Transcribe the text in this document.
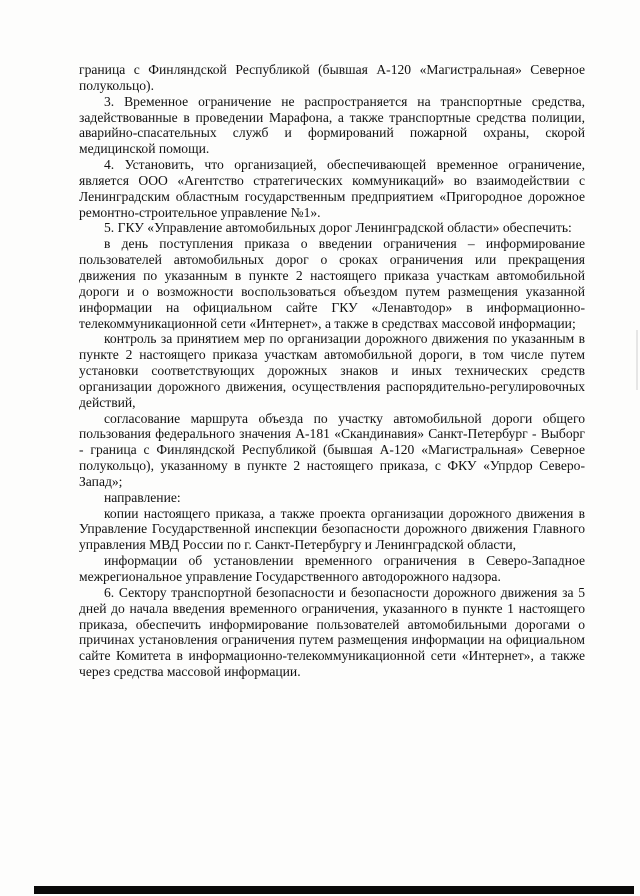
граница с Финляндской Республикой (бывшая А-120 «Магистральная» Северное полукольцо).

3. Временное ограничение не распространяется на транспортные средства, задействованные в проведении Марафона, а также транспортные средства полиции, аварийно-спасательных служб и формирований пожарной охраны, скорой медицинской помощи.

4. Установить, что организацией, обеспечивающей временное ограничение, является ООО «Агентство стратегических коммуникаций» во взаимодействии с Ленинградским областным государственным предприятием «Пригородное дорожное ремонтно-строительное управление №1».

5. ГКУ «Управление автомобильных дорог Ленинградской области» обеспечить:

в день поступления приказа о введении ограничения – информирование пользователей автомобильных дорог о сроках ограничения или прекращения движения по указанным в пункте 2 настоящего приказа участкам автомобильной дороги и о возможности воспользоваться объездом путем размещения указанной информации на официальном сайте ГКУ «Ленавтодор» в информационно-телекоммуникационной сети «Интернет», а также в средствах массовой информации;

контроль за принятием мер по организации дорожного движения по указанным в пункте 2 настоящего приказа участкам автомобильной дороги, в том числе путем установки соответствующих дорожных знаков и иных технических средств организации дорожного движения, осуществления распорядительно-регулировочных действий,

согласование маршрута объезда по участку автомобильной дороги общего пользования федерального значения А-181 «Скандинавия» Санкт-Петербург - Выборг - граница с Финляндской Республикой (бывшая А-120 «Магистральная» Северное полукольцо), указанному в пункте 2 настоящего приказа, с ФКУ «Упрдор Северо-Запад»;

направление:

копии настоящего приказа, а также проекта организации дорожного движения в Управление Государственной инспекции безопасности дорожного движения Главного управления МВД России по г. Санкт-Петербургу и Ленинградской области,

информации об установлении временного ограничения в Северо-Западное межрегиональное управление Государственного автодорожного надзора.

6. Сектору транспортной безопасности и безопасности дорожного движения за 5 дней до начала введения временного ограничения, указанного в пункте 1 настоящего приказа, обеспечить информирование пользователей автомобильными дорогами о причинах установления ограничения путем размещения информации на официальном сайте Комитета в информационно-телекоммуникационной сети «Интернет», а также через средства массовой информации.
